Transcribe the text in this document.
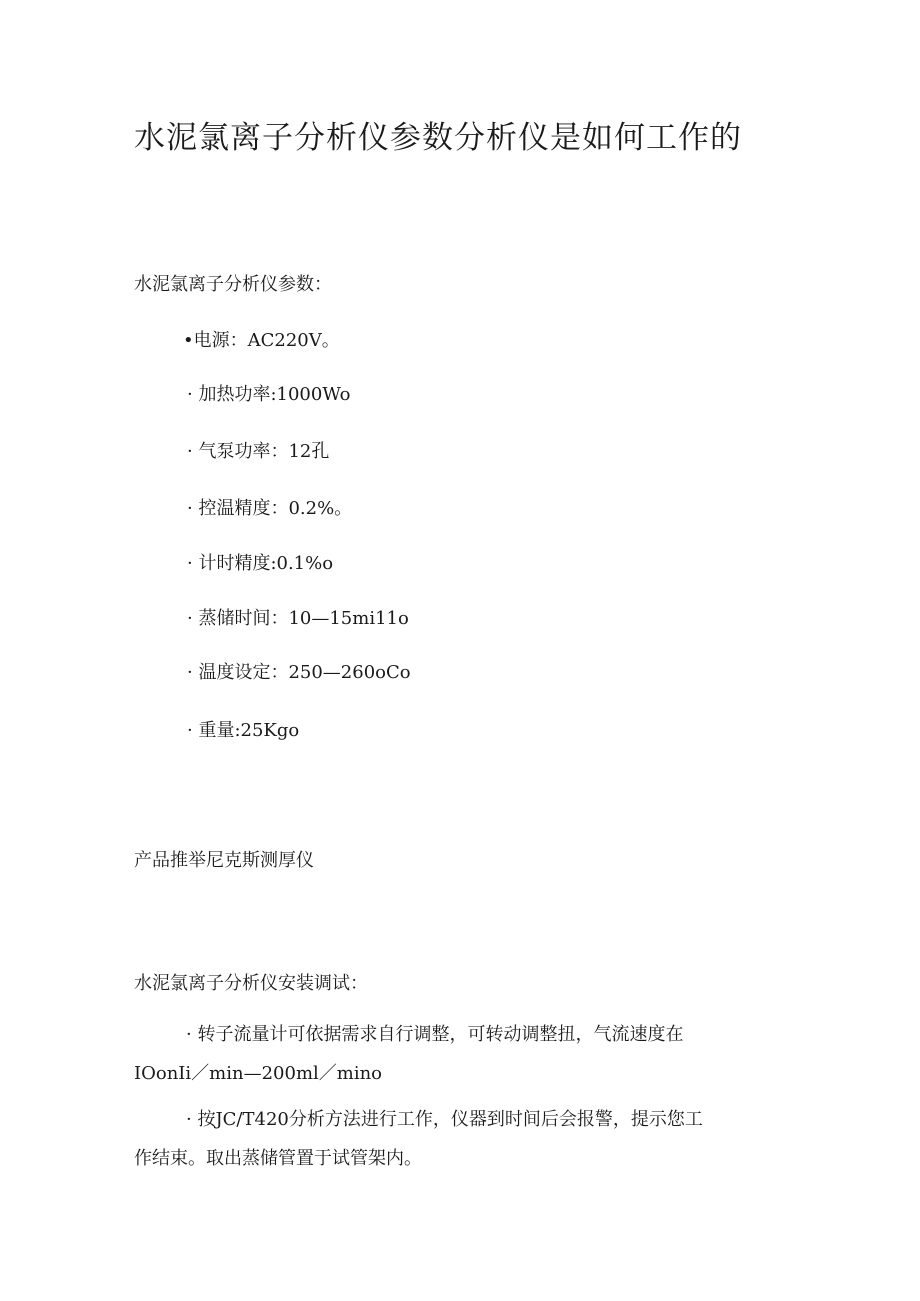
水泥氯离子分析仪参数分析仪是如何工作的

水泥氯离子分析仪参数：

•电源：AC220V。

· 加热功率:1000Wo

· 气泵功率：12孔

· 控温精度：0.2%。

· 计时精度:0.1%o

· 蒸储时间：10—15mi11o

· 温度设定：250—260oCo

· 重量:25Kgo

产品推举尼克斯测厚仪

水泥氯离子分析仪安装调试：

· 转子流量计可依据需求自行调整，可转动调整扭，气流速度在
IOonIi／min—200ml／mino
· 按JC/T420分析方法进行工作，仪器到时间后会报警，提示您工
作结束。取出蒸储管置于试管架内。
